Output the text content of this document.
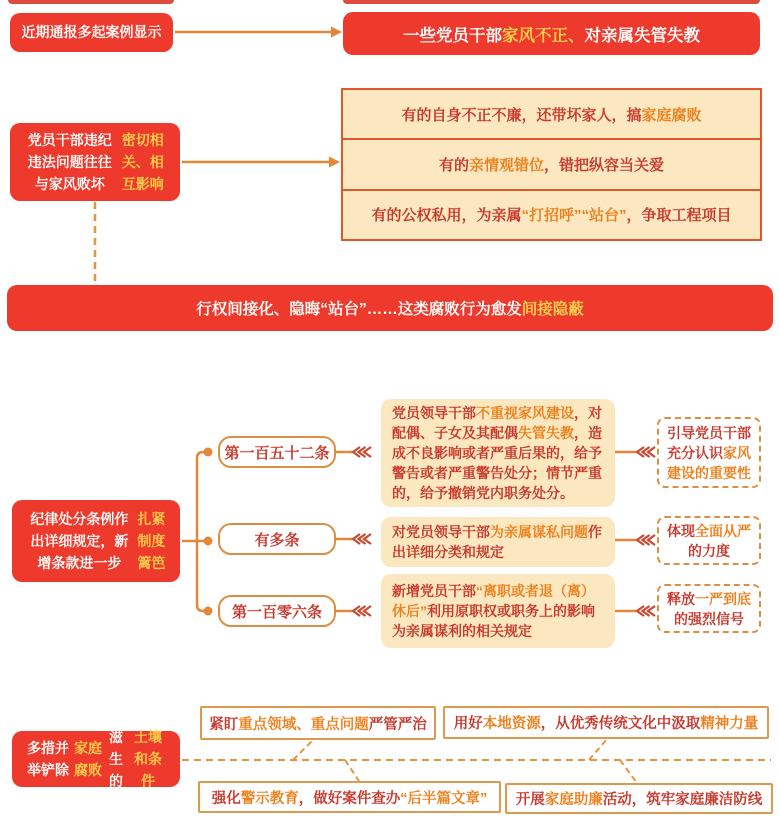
近期通报多起案例显示	一些党员干部 家风不正、 对亲属失管失教
党员干部违纪违法问题往往与家风败坏
密切相关、相互影响
有的自身不正不廉，还带坏家人，搞 家庭腐败
有的 亲情观错位 ，错把纵容当关爱
有的公权私用，为亲属 “打招呼”“站台” ，争取工程项目
行权间接化、隐晦“站台”……这类腐败行为愈发 间接隐蔽
纪律处分条例作出详细规定，新增条款进一步
扎紧制度篱笆
第一百五十二条
有多条
第一百零六条
党员领导干部不重视家风建设，对配偶、子女及其配偶失管失教，造成不良影响或者严重后果的，给予警告或者严重警告处分；情节严重的，给予撤销党内职务处分。
对党员领导干部为亲属谋私问题作出详细分类和规定
新增党员干部“离职或者退（离）休后”利用原职权或职务上的影响为亲属谋利的相关规定
引导党员干部充分认识家风建设的重要性
体现全面从严的力度
释放一严到底的强烈信号
多措并举铲除
家庭腐败
滋生的
土壤和条件
紧盯 重点领域、重点问题 严管严治 用好 本地资源 ，从优秀传统文化中汲取 精神力量
强化 警示教育 ，做好案件查办 “后半篇文章” 开展 家庭助廉 活动，筑牢家庭廉洁防线
